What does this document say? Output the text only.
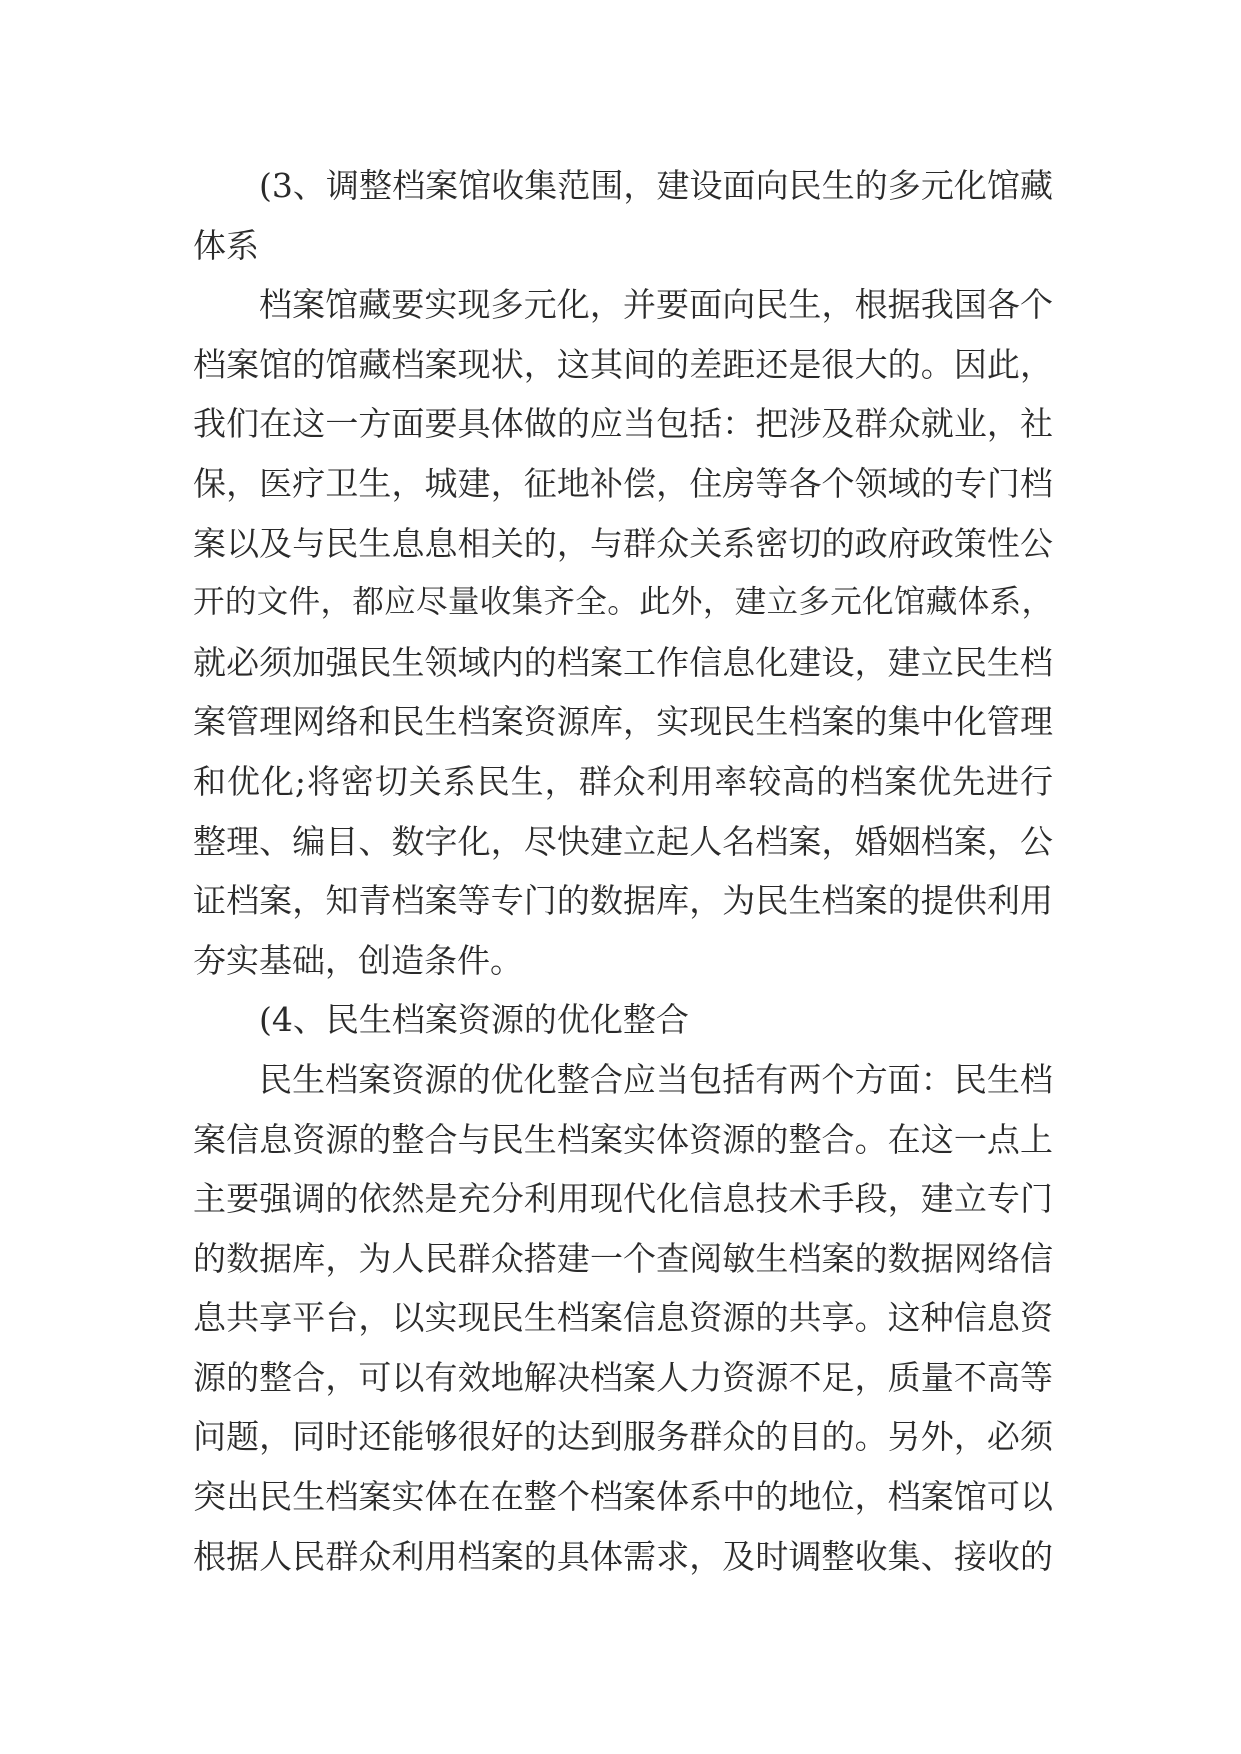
(3、调整档案馆收集范围，建设面向民生的多元化馆藏
体系
档案馆藏要实现多元化，并要面向民生，根据我国各个
档案馆的馆藏档案现状，这其间的差距还是很大的。因此，
我们在这一方面要具体做的应当包括：把涉及群众就业，社
保，医疗卫生，城建，征地补偿，住房等各个领域的专门档
案以及与民生息息相关的，与群众关系密切的政府政策性公
开的文件，都应尽量收集齐全。此外，建立多元化馆藏体系，
就必须加强民生领域内的档案工作信息化建设，建立民生档
案管理网络和民生档案资源库，实现民生档案的集中化管理
和优化;将密切关系民生，群众利用率较高的档案优先进行
整理、编目、数字化，尽快建立起人名档案，婚姻档案，公
证档案，知青档案等专门的数据库，为民生档案的提供利用
夯实基础，创造条件。
(4、民生档案资源的优化整合
民生档案资源的优化整合应当包括有两个方面：民生档
案信息资源的整合与民生档案实体资源的整合。在这一点上
主要强调的依然是充分利用现代化信息技术手段，建立专门
的数据库，为人民群众搭建一个查阅敏生档案的数据网络信
息共享平台，以实现民生档案信息资源的共享。这种信息资
源的整合，可以有效地解决档案人力资源不足，质量不高等
问题，同时还能够很好的达到服务群众的目的。另外，必须
突出民生档案实体在在整个档案体系中的地位，档案馆可以
根据人民群众利用档案的具体需求，及时调整收集、接收的
